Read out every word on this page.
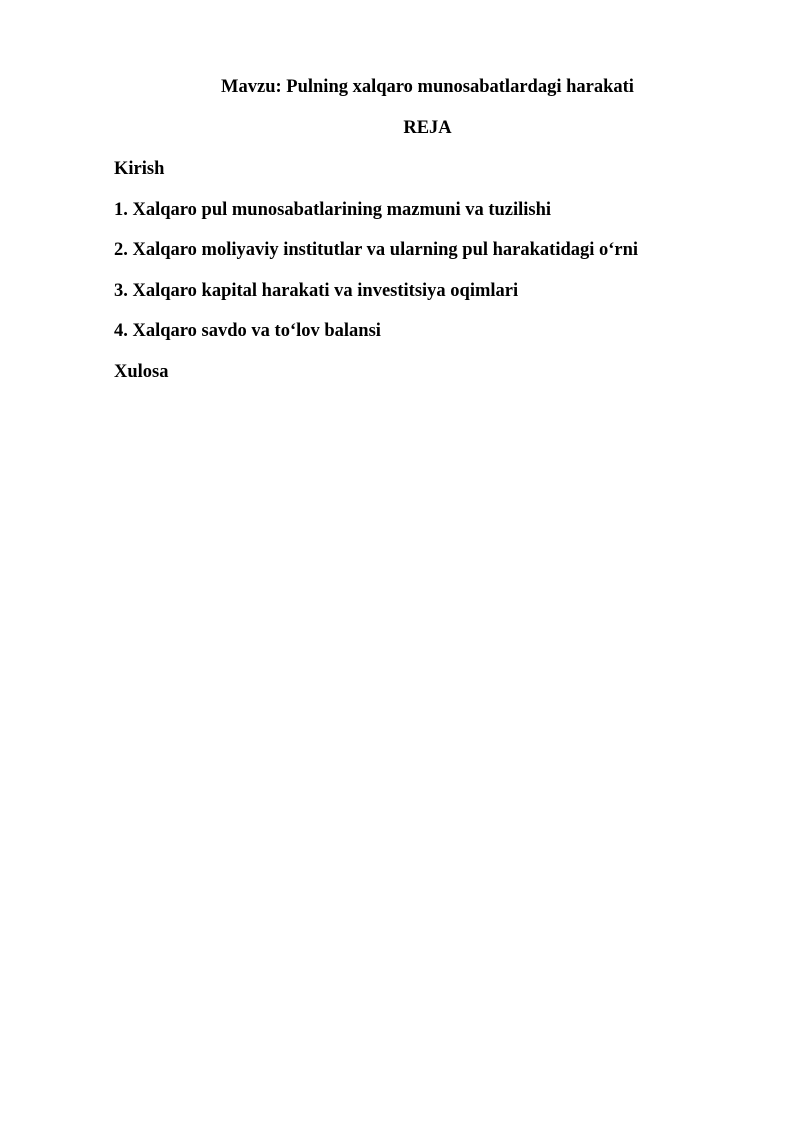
Mavzu: Pulning xalqaro munosabatlardagi harakati
REJA
Kirish
1. Xalqaro pul munosabatlarining mazmuni va tuzilishi
2. Xalqaro moliyaviy institutlar va ularning pul harakatidagi o‘rni
3. Xalqaro kapital harakati va investitsiya oqimlari
4. Xalqaro savdo va to‘lov balansi
Xulosa
